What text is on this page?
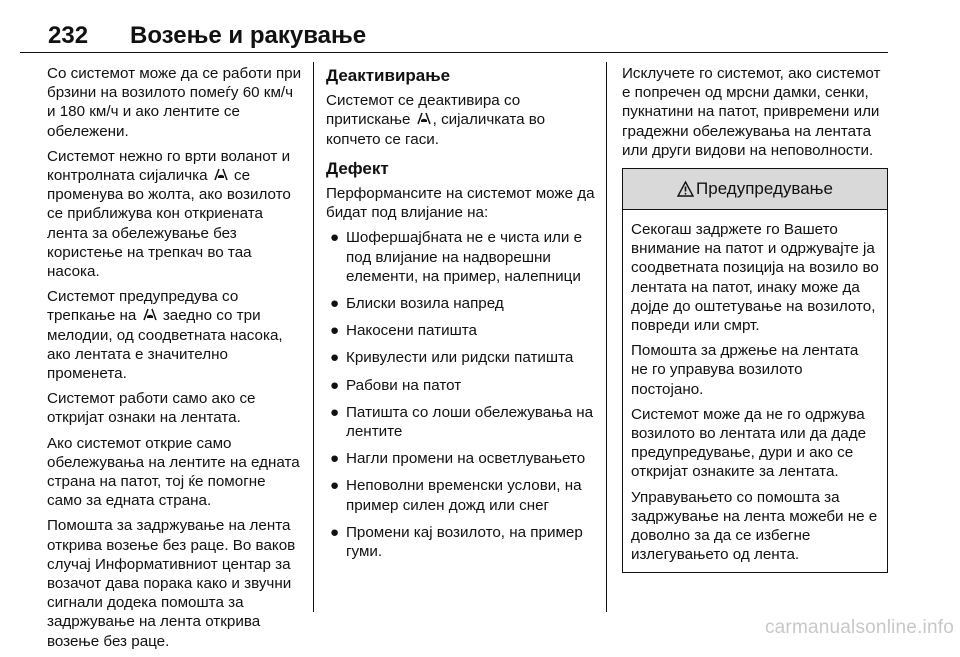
232 Возење и ракување

Со системот може да се работи при брзини на возилото помеѓу 60 км/ч и 180 км/ч и ако лентите се обележени.

Системот нежно го врти воланот и контролната сијаличка се променува во жолта, ако возилото се приближува кон откриената лента за обележување без користење на трепкач во таа насока.

Системот предупредува со трепкање на заедно со три мелодии, од соодветната насока, ако лентата е значително променета.

Системот работи само ако се откријат ознаки на лентата.

Ако системот открие само обележувања на лентите на едната страна на патот, тој ќе помогне само за едната страна.

Помошта за задржување на лента открива возење без раце. Во ваков случај Информативниот центар за возачот дава порака како и звучни сигнали додека помошта за задржување на лента открива возење без раце.

Деактивирање

Системот се деактивира со притискање , сијаличката во копчето се гаси.

Дефект

Перформансите на системот може да бидат под влијание на:

● Шофершајбната не е чиста или е под влијание на надворешни елементи, на пример, налепници
● Блиски возила напред
● Накосени патишта
● Кривулести или ридски патишта
● Рабови на патот
● Патишта со лоши обележувања на лентите
● Нагли промени на осветлувањето
● Неповолни временски услови, на пример силен дожд или снег
● Промени кај возилото, на пример гуми.

Исклучете го системот, ако системот е попречен од мрсни дамки, сенки, пукнатини на патот, привремени или градежни обележувања на лентата или други видови на неповолности.

Предупредување

Секогаш задржете го Вашето внимание на патот и одржувајте ја соодветната позиција на возило во лентата на патот, инаку може да дојде до оштетување на возилото, повреди или смрт.

Помошта за држење на лентата не го управува возилото постојано.

Системот може да не го одржува возилото во лентата или да даде предупредување, дури и ако се откријат ознаките за лентата.

Управувањето со помошта за задржување на лента можеби не е доволно за да се избегне излегувањето од лента.

carmanualsonline.info
